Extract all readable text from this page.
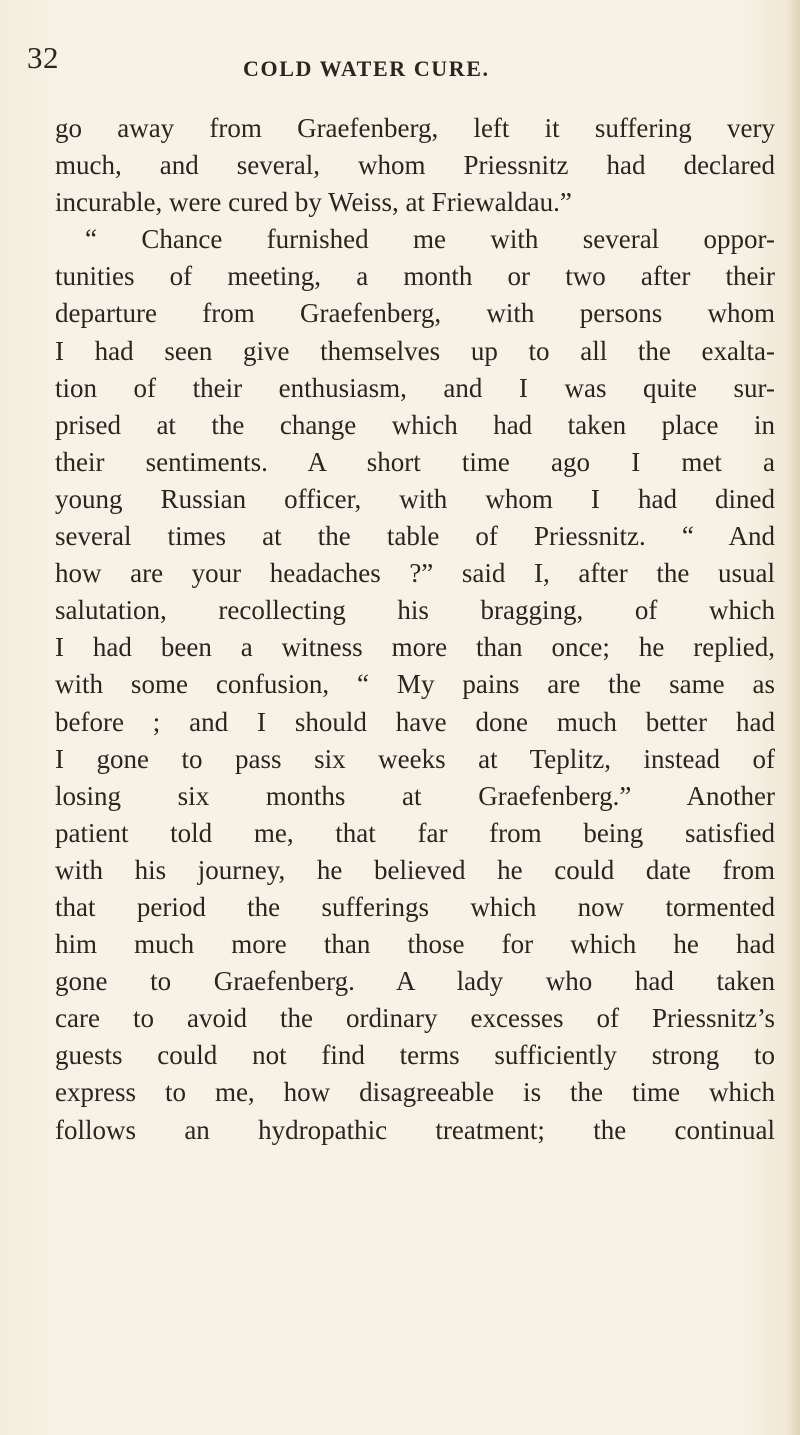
32	COLD WATER CURE.
go away from Graefenberg, left it suffering very
much, and several, whom Priessnitz had declared
incurable, were cured by Weiss, at Friewaldau.”
“ Chance furnished me with several oppor-
tunities of meeting, a month or two after their
departure from Graefenberg, with persons whom
I had seen give themselves up to all the exalta-
tion of their enthusiasm, and I was quite sur-
prised at the change which had taken place in
their sentiments. A short time ago I met a
young Russian officer, with whom I had dined
several times at the table of Priessnitz. “ And
how are your headaches ?” said I, after the usual
salutation, recollecting his bragging, of which
I had been a witness more than once; he replied,
with some confusion, “ My pains are the same as
before ; and I should have done much better had
I gone to pass six weeks at Teplitz, instead of
losing six months at Graefenberg.” Another
patient told me, that far from being satisfied
with his journey, he believed he could date from
that period the sufferings which now tormented
him much more than those for which he had
gone to Graefenberg. A lady who had taken
care to avoid the ordinary excesses of Priessnitz’s
guests could not find terms sufficiently strong to
express to me, how disagreeable is the time which
follows an hydropathic treatment; the continual
